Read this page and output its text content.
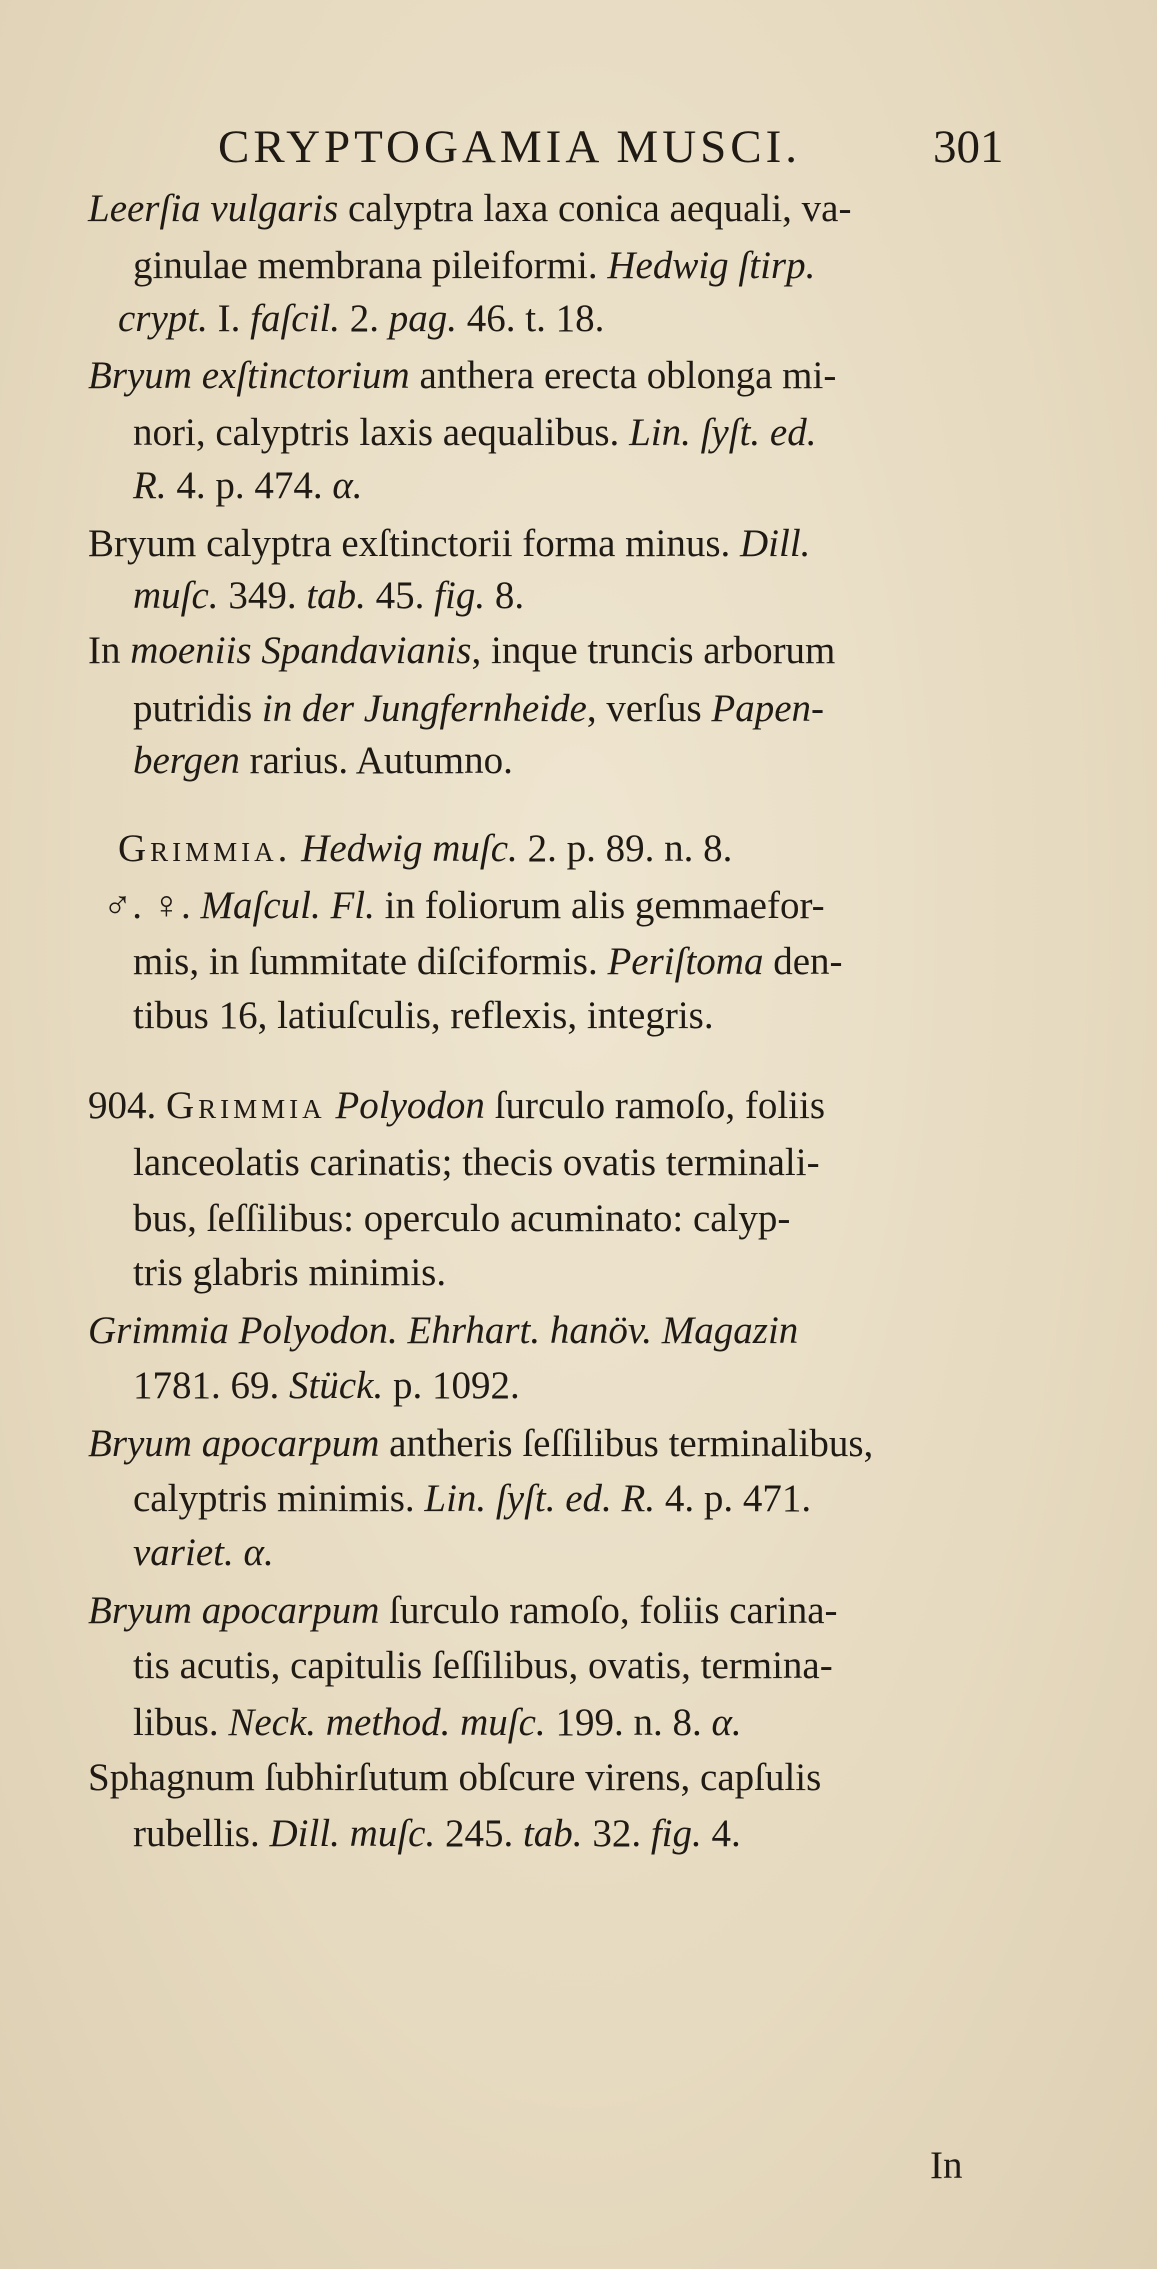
CRYPTOGAMIA MUSCI.	301
Leerſia vulgaris calyptra laxa conica aequali, va-
ginulae membrana pileiformi. Hedwig ſtirp.
crypt. I. faſcil. 2. pag. 46. t. 18.
Bryum exſtinctorium anthera erecta oblonga mi-
nori, calyptris laxis aequalibus. Lin. ſyſt. ed.
R. 4. p. 474. α.
Bryum calyptra exſtinctorii forma minus. Dill.
muſc. 349. tab. 45. fig. 8.
In moeniis Spandavianis, inque truncis arborum
putridis in der Jungfernheide, verſus Papen-
bergen rarius. Autumno.
Grimmia. Hedwig muſc. 2. p. 89. n. 8.
♂. ♀. Maſcul. Fl. in foliorum alis gemmaefor-
mis, in ſummitate diſciformis. Periſtoma den-
tibus 16, latiuſculis, reflexis, integris.
904. Grimmia Polyodon ſurculo ramoſo, foliis
lanceolatis carinatis; thecis ovatis terminali-
bus, ſeſſilibus: operculo acuminato: calyp-
tris glabris minimis.
Grimmia Polyodon. Ehrhart. hanöv. Magazin
1781. 69. Stück. p. 1092.
Bryum apocarpum antheris ſeſſilibus terminalibus,
calyptris minimis. Lin. ſyſt. ed. R. 4. p. 471.
variet. α.
Bryum apocarpum ſurculo ramoſo, foliis carina-
tis acutis, capitulis ſeſſilibus, ovatis, termina-
libus. Neck. method. muſc. 199. n. 8. α.
Sphagnum ſubhirſutum obſcure virens, capſulis
rubellis. Dill. muſc. 245. tab. 32. fig. 4.
In
